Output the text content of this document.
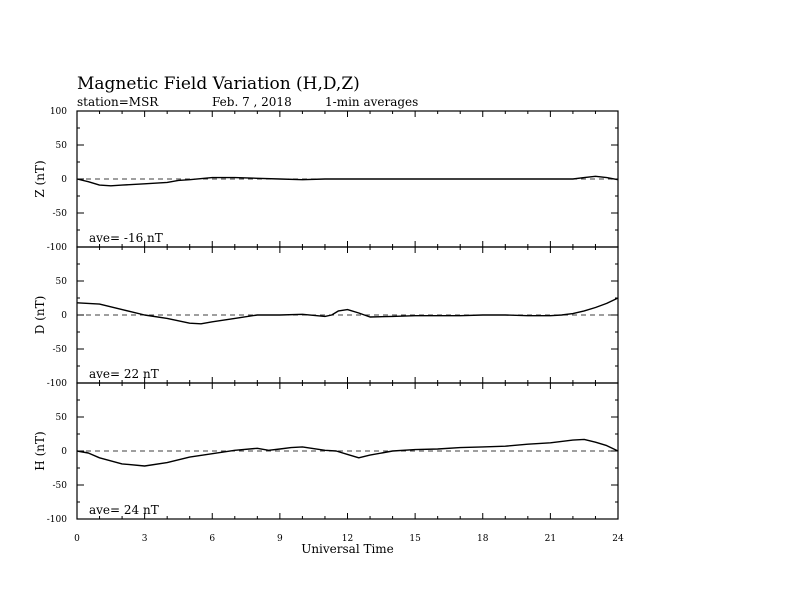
Magnetic Field Variation (H,D,Z)
station=MSR	Feb. 7 , 2018	1-min averages
100
50
0
-50
-100
Z (nT)
ave= -16 nT
50
0
-50
-100
D (nT)
ave= 22 nT
50
0
-50
-100
H (nT)
ave= 24 nT
0	3	6	9	12	15	18	21	24
Universal Time
